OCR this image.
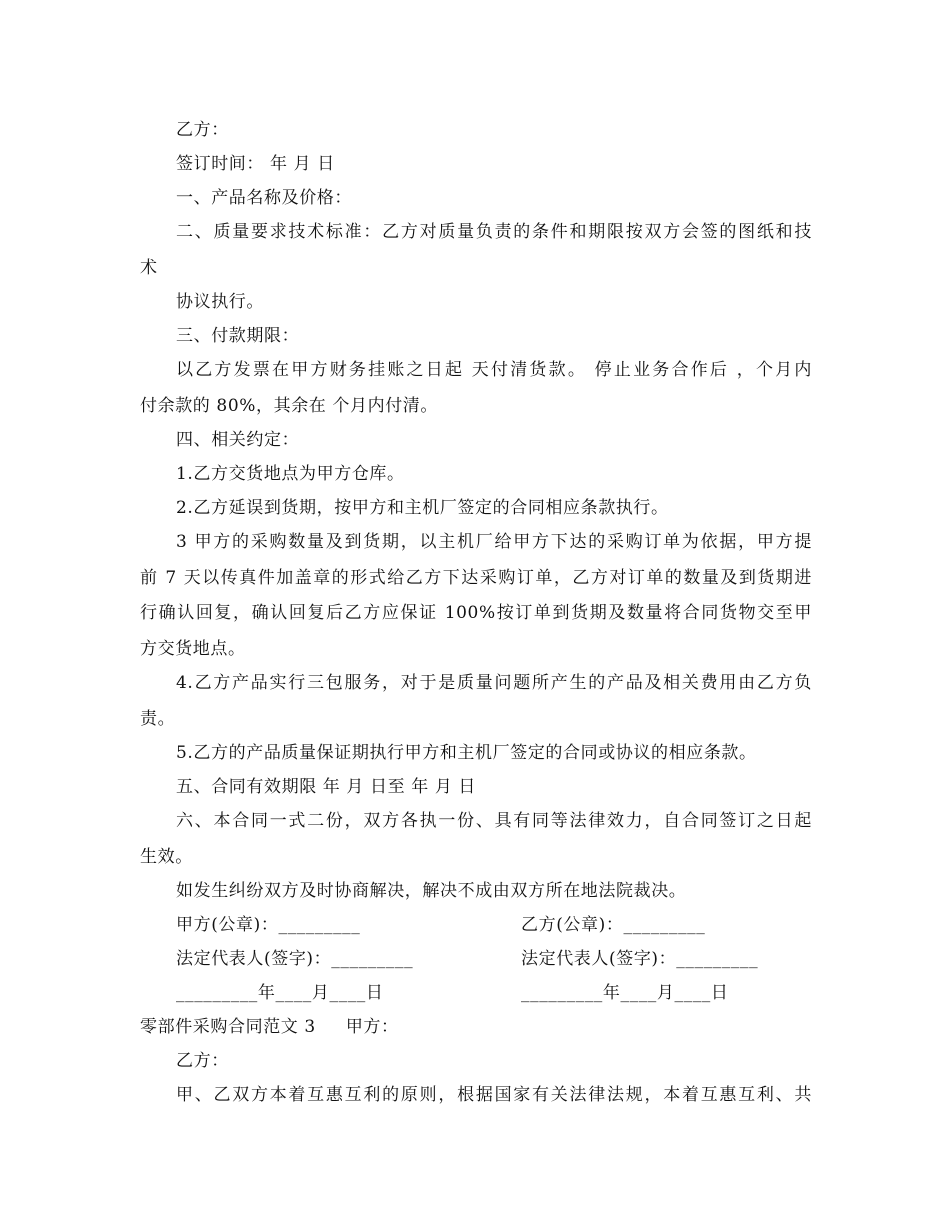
乙方：
签订时间： 年 月 日
一、产品名称及价格：
二、质量要求技术标准：乙方对质量负责的条件和期限按双方会签的图纸和技
术
协议执行。
三、付款期限：
以乙方发票在甲方财务挂账之日起 天付清货款。 停止业务合作后 ，个月内
付余款的 80%，其余在 个月内付清。
四、相关约定：
1.乙方交货地点为甲方仓库。
2.乙方延误到货期，按甲方和主机厂签定的合同相应条款执行。
3 甲方的采购数量及到货期，以主机厂给甲方下达的采购订单为依据，甲方提
前 7 天以传真件加盖章的形式给乙方下达采购订单，乙方对订单的数量及到货期进
行确认回复，确认回复后乙方应保证 100%按订单到货期及数量将合同货物交至甲
方交货地点。
4.乙方产品实行三包服务，对于是质量问题所产生的产品及相关费用由乙方负
责。
5.乙方的产品质量保证期执行甲方和主机厂签定的合同或协议的相应条款。
五、合同有效期限 年 月 日至 年 月 日
六、本合同一式二份，双方各执一份、具有同等法律效力，自合同签订之日起
生效。
如发生纠纷双方及时协商解决，解决不成由双方所在地法院裁决。
甲方(公章)：_________	乙方(公章)：_________
法定代表人(签字)：_________	法定代表人(签字)：_________
_________年____月____日	_________年____月____日
零部件采购合同范文 3 甲方：
乙方：
甲、乙双方本着互惠互利的原则，根据国家有关法律法规，本着互惠互利、共
